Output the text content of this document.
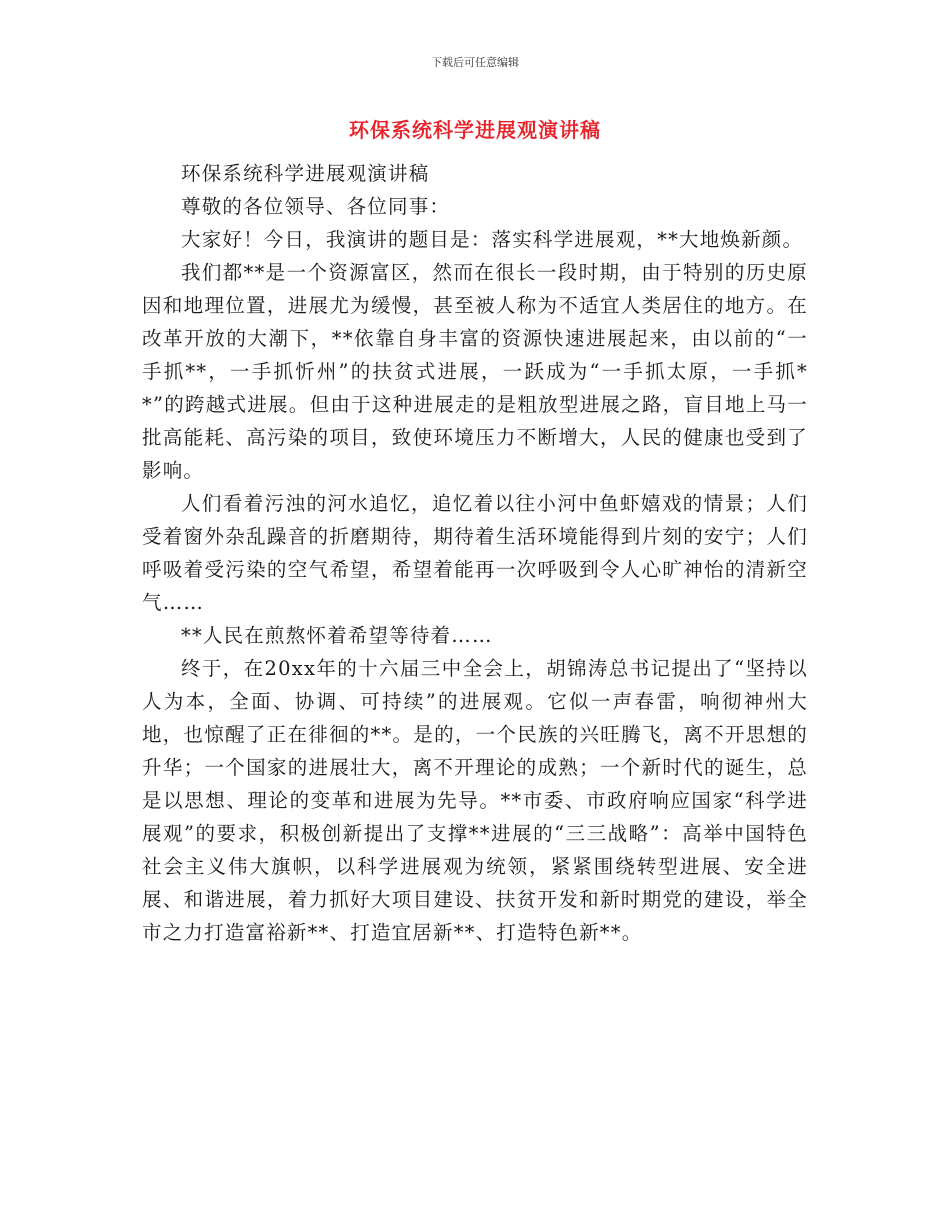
下载后可任意编辑
环保系统科学进展观演讲稿

环保系统科学进展观演讲稿

尊敬的各位领导、各位同事：

大家好！今日，我演讲的题目是：落实科学进展观，**大地焕新颜。

我们都**是一个资源富区，然而在很长一段时期，由于特别的历史原因和地理位置，进展尤为缓慢，甚至被人称为不适宜人类居住的地方。在改革开放的大潮下，**依靠自身丰富的资源快速进展起来，由以前的“一手抓**，一手抓忻州”的扶贫式进展，一跃成为“一手抓太原，一手抓**”的跨越式进展。但由于这种进展走的是粗放型进展之路，盲目地上马一批高能耗、高污染的项目，致使环境压力不断增大，人民的健康也受到了影响。

人们看着污浊的河水追忆，追忆着以往小河中鱼虾嬉戏的情景；人们受着窗外杂乱躁音的折磨期待，期待着生活环境能得到片刻的安宁；人们呼吸着受污染的空气希望，希望着能再一次呼吸到令人心旷神怡的清新空气……

**人民在煎熬怀着希望等待着……

终于，在20xx年的十六届三中全会上，胡锦涛总书记提出了“坚持以人为本，全面、协调、可持续”的进展观。它似一声春雷，响彻神州大地，也惊醒了正在徘徊的**。是的，一个民族的兴旺腾飞，离不开思想的升华；一个国家的进展壮大，离不开理论的成熟；一个新时代的诞生，总是以思想、理论的变革和进展为先导。**市委、市政府响应国家“科学进展观”的要求，积极创新提出了支撑**进展的“三三战略”：高举中国特色社会主义伟大旗帜，以科学进展观为统领，紧紧围绕转型进展、安全进展、和谐进展，着力抓好大项目建设、扶贫开发和新时期党的建设，举全市之力打造富裕新**、打造宜居新**、打造特色新**。
